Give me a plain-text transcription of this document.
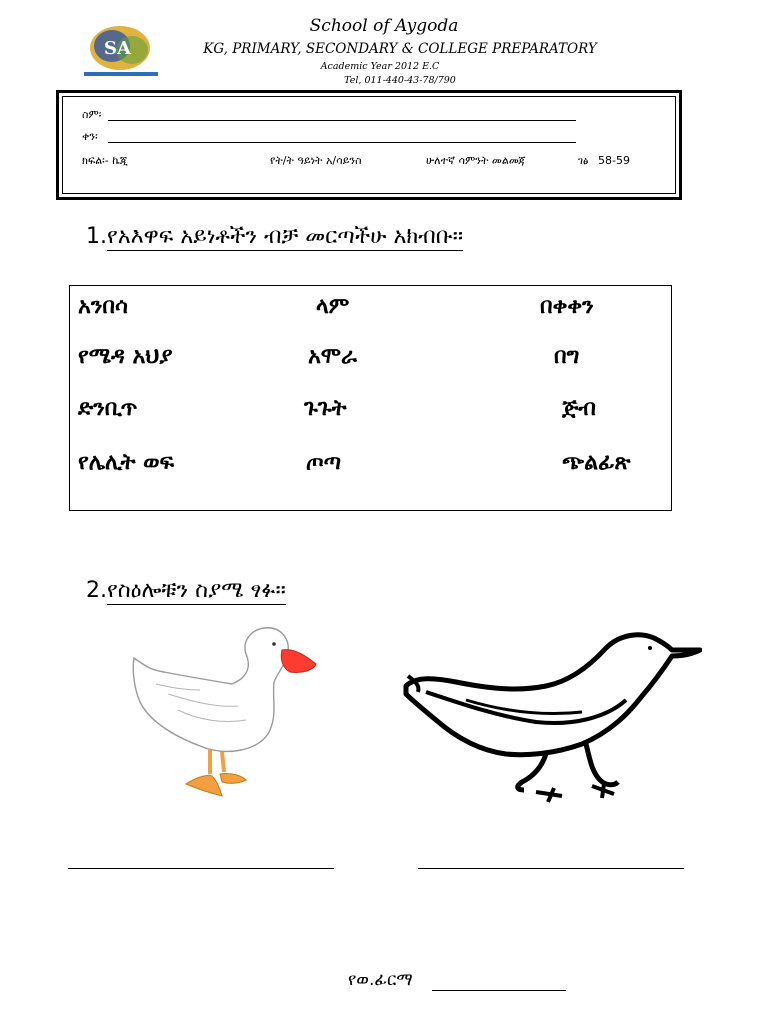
SA
School of Aygoda
KG, PRIMARY, SECONDARY & COLLEGE PREPARATORY
Academic Year 2012 E.C
Tel, 011-440-43-78/790
ስም፡
ቀን፡
ክፍል፡- ኬጂ	የት/ት ዓይነት አ/ሳይንስ	ሁለተኛ ሳምንት መልመጃ	ገፅ 58-59
1.የአእዋፍ አይነቶችን ብቻ መርጣችሁ አክብቡ፡፡
አንበሳ	ላም	በቀቀን
የሜዳ አህያ	አሞራ	በግ
ድንቢጥ	ጉጉት	ጅብ
የሌሊት ወፍ	ጦጣ	ጭልፊጽ
2.የስዕሎቹን ስያሜ ፃፉ፡፡
የወ.ፊርማ
